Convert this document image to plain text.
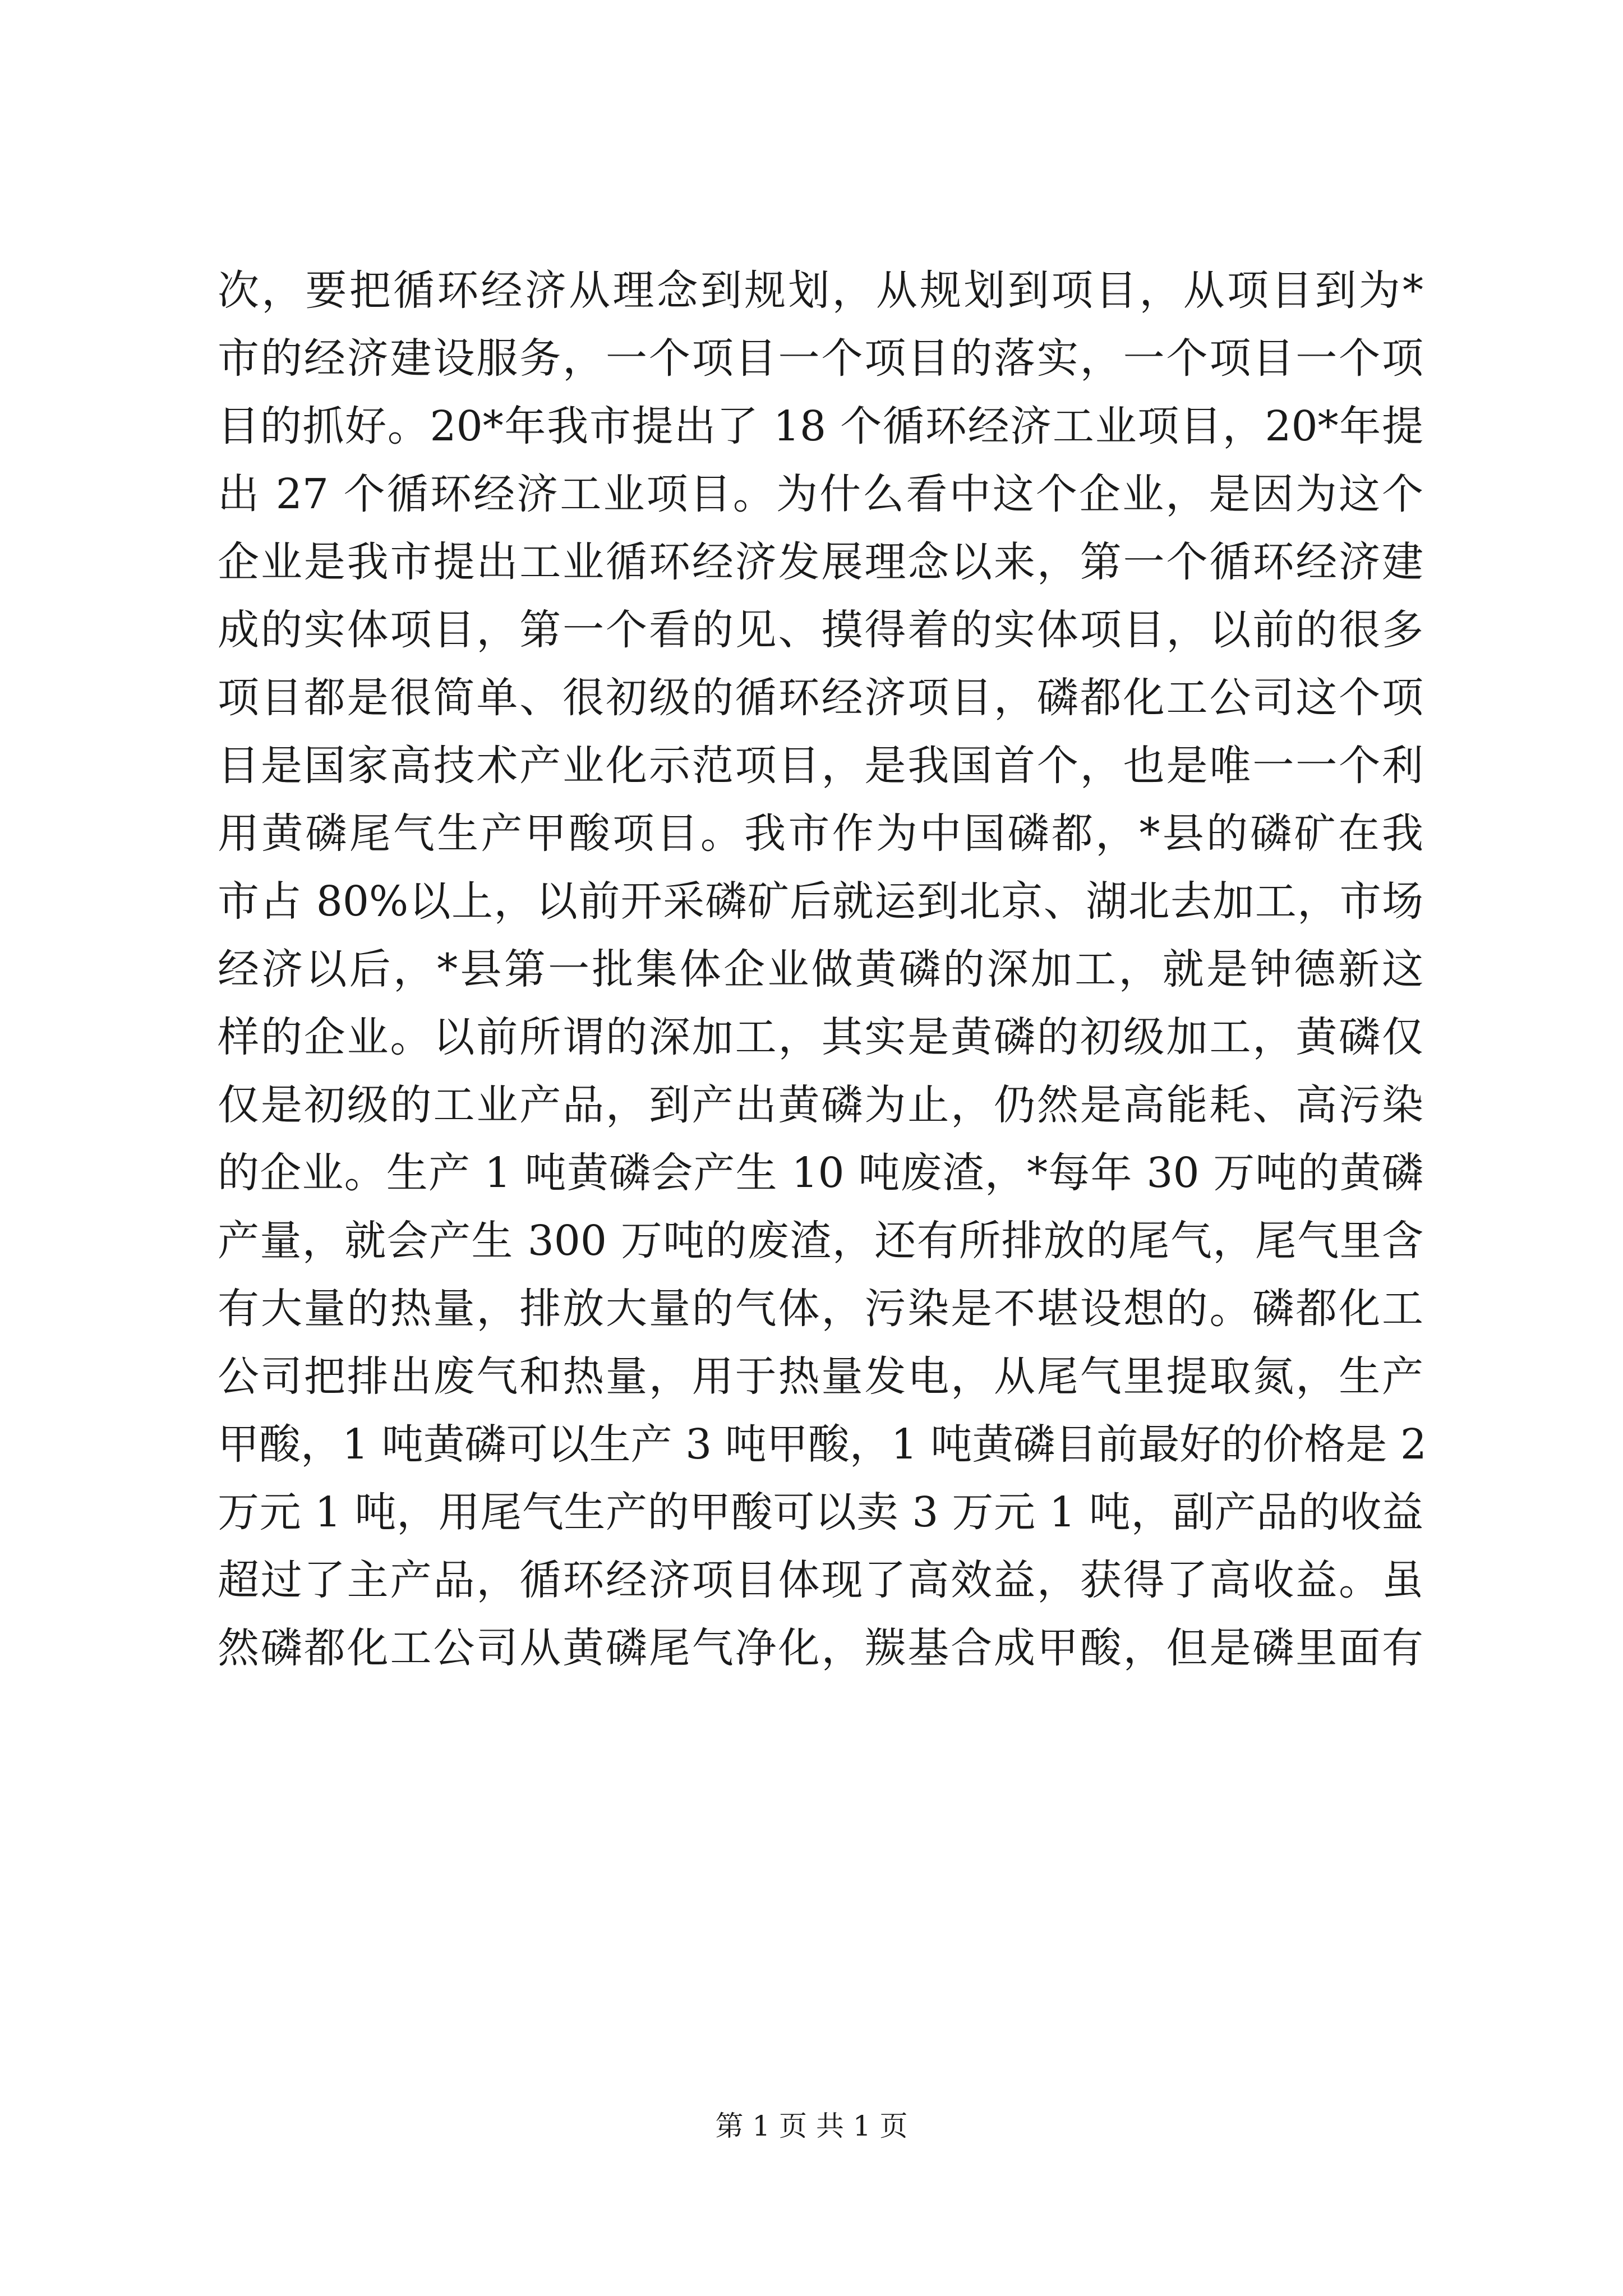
次，要把循环经济从理念到规划，从规划到项目，从项目到为*
市的经济建设服务，一个项目一个项目的落实，一个项目一个项
目的抓好。20*年我市提出了 18 个循环经济工业项目，20*年提
出 27 个循环经济工业项目。为什么看中这个企业，是因为这个
企业是我市提出工业循环经济发展理念以来，第一个循环经济建
成的实体项目，第一个看的见、摸得着的实体项目，以前的很多
项目都是很简单、很初级的循环经济项目，磷都化工公司这个项
目是国家高技术产业化示范项目，是我国首个，也是唯一一个利
用黄磷尾气生产甲酸项目。我市作为中国磷都，*县的磷矿在我
市占 80%以上，以前开采磷矿后就运到北京、湖北去加工，市场
经济以后，*县第一批集体企业做黄磷的深加工，就是钟德新这
样的企业。以前所谓的深加工，其实是黄磷的初级加工，黄磷仅
仅是初级的工业产品，到产出黄磷为止，仍然是高能耗、高污染
的企业。生产 1 吨黄磷会产生 10 吨废渣，*每年 30 万吨的黄磷
产量，就会产生 300 万吨的废渣，还有所排放的尾气，尾气里含
有大量的热量，排放大量的气体，污染是不堪设想的。磷都化工
公司把排出废气和热量，用于热量发电，从尾气里提取氮，生产
甲酸，1 吨黄磷可以生产 3 吨甲酸，1 吨黄磷目前最好的价格是 2
万元 1 吨，用尾气生产的甲酸可以卖 3 万元 1 吨，副产品的收益
超过了主产品，循环经济项目体现了高效益，获得了高收益。虽
然磷都化工公司从黄磷尾气净化，羰基合成甲酸，但是磷里面有
第 1 页 共 1 页
